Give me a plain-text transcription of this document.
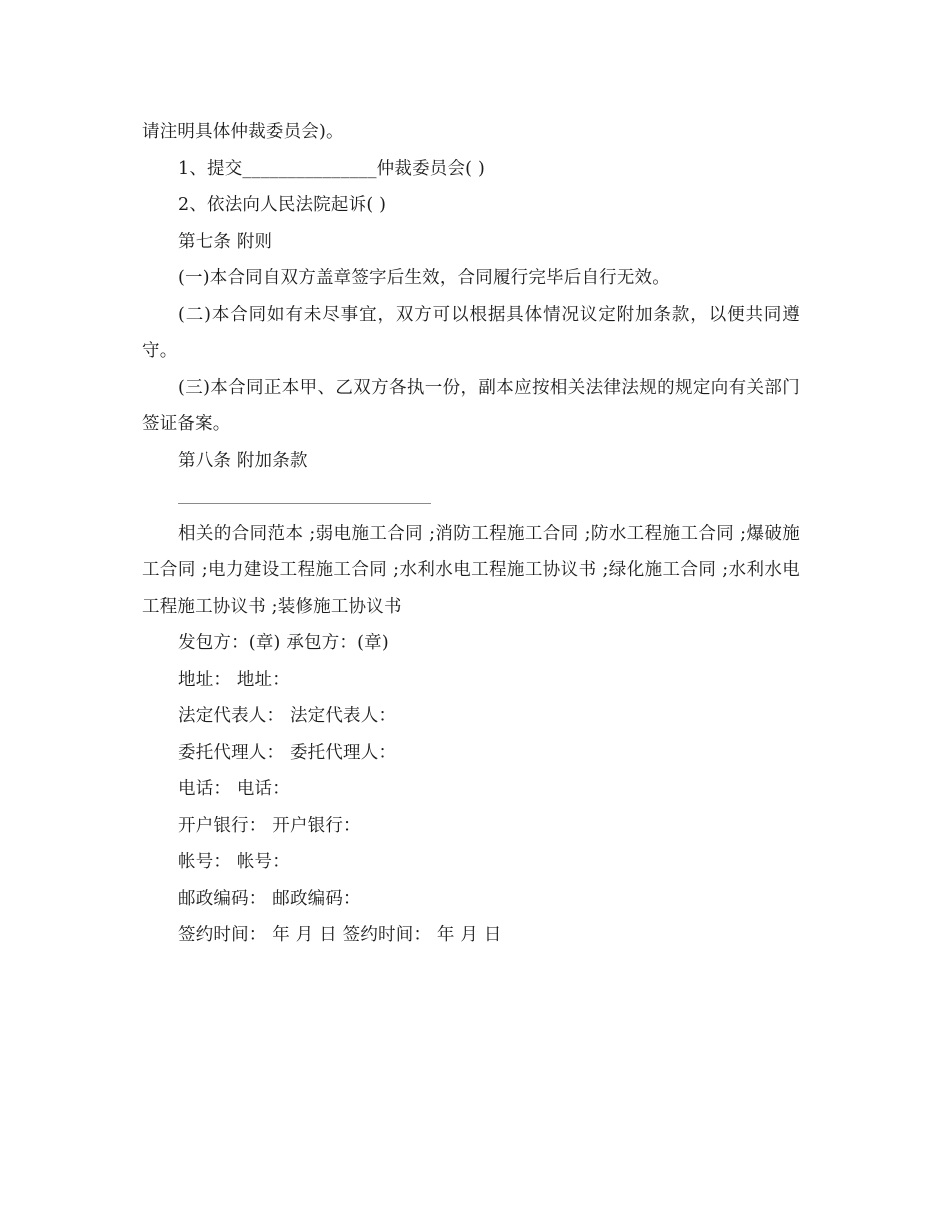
请注明具体仲裁委员会)。

1、提交_______________仲裁委员会( )

2、依法向人民法院起诉( )

第七条 附则

(一)本合同自双方盖章签字后生效，合同履行完毕后自行无效。

(二)本合同如有未尽事宜，双方可以根据具体情况议定附加条款，以便共同遵守。

(三)本合同正本甲、乙双方各执一份，副本应按相关法律法规的规定向有关部门签证备案。

第八条 附加条款

相关的合同范本 ;弱电施工合同 ;消防工程施工合同 ;防水工程施工合同 ;爆破施工合同 ;电力建设工程施工合同 ;水利水电工程施工协议书 ;绿化施工合同 ;水利水电工程施工协议书 ;装修施工协议书

发包方：(章) 承包方：(章)

地址： 地址：

法定代表人： 法定代表人：

委托代理人： 委托代理人：

电话： 电话：

开户银行： 开户银行：

帐号： 帐号：

邮政编码： 邮政编码：

签约时间： 年 月 日 签约时间： 年 月 日
